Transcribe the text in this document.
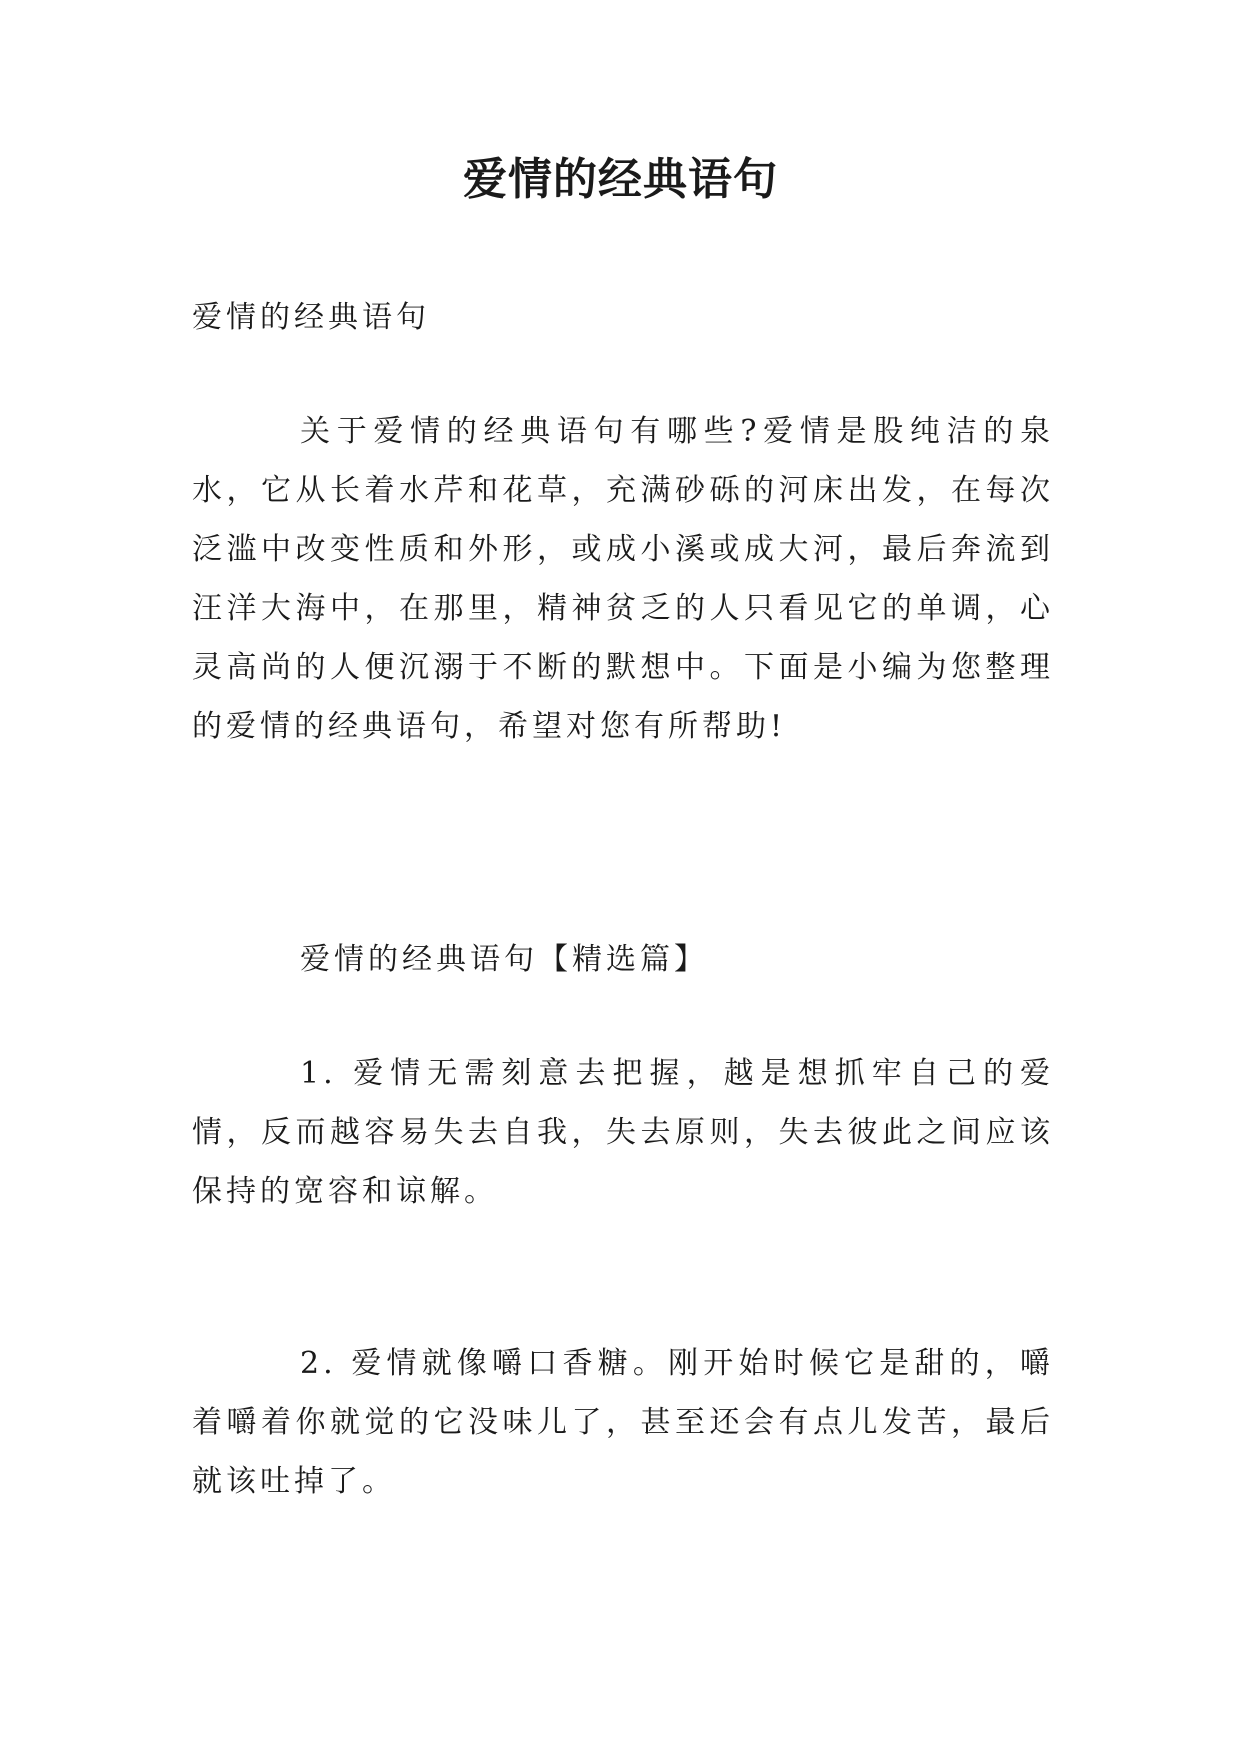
爱情的经典语句

爱情的经典语句

关于爱情的经典语句有哪些?爱情是股纯洁的泉水，它从长着水芹和花草，充满砂砾的河床出发，在每次泛滥中改变性质和外形，或成小溪或成大河，最后奔流到汪洋大海中，在那里，精神贫乏的人只看见它的单调，心灵高尚的人便沉溺于不断的默想中。下面是小编为您整理的爱情的经典语句，希望对您有所帮助!

爱情的经典语句【精选篇】

1. 爱情无需刻意去把握，越是想抓牢自己的爱情，反而越容易失去自我，失去原则，失去彼此之间应该保持的宽容和谅解。

2. 爱情就像嚼口香糖。刚开始时候它是甜的，嚼着嚼着你就觉的它没味儿了，甚至还会有点儿发苦，最后就该吐掉了。
